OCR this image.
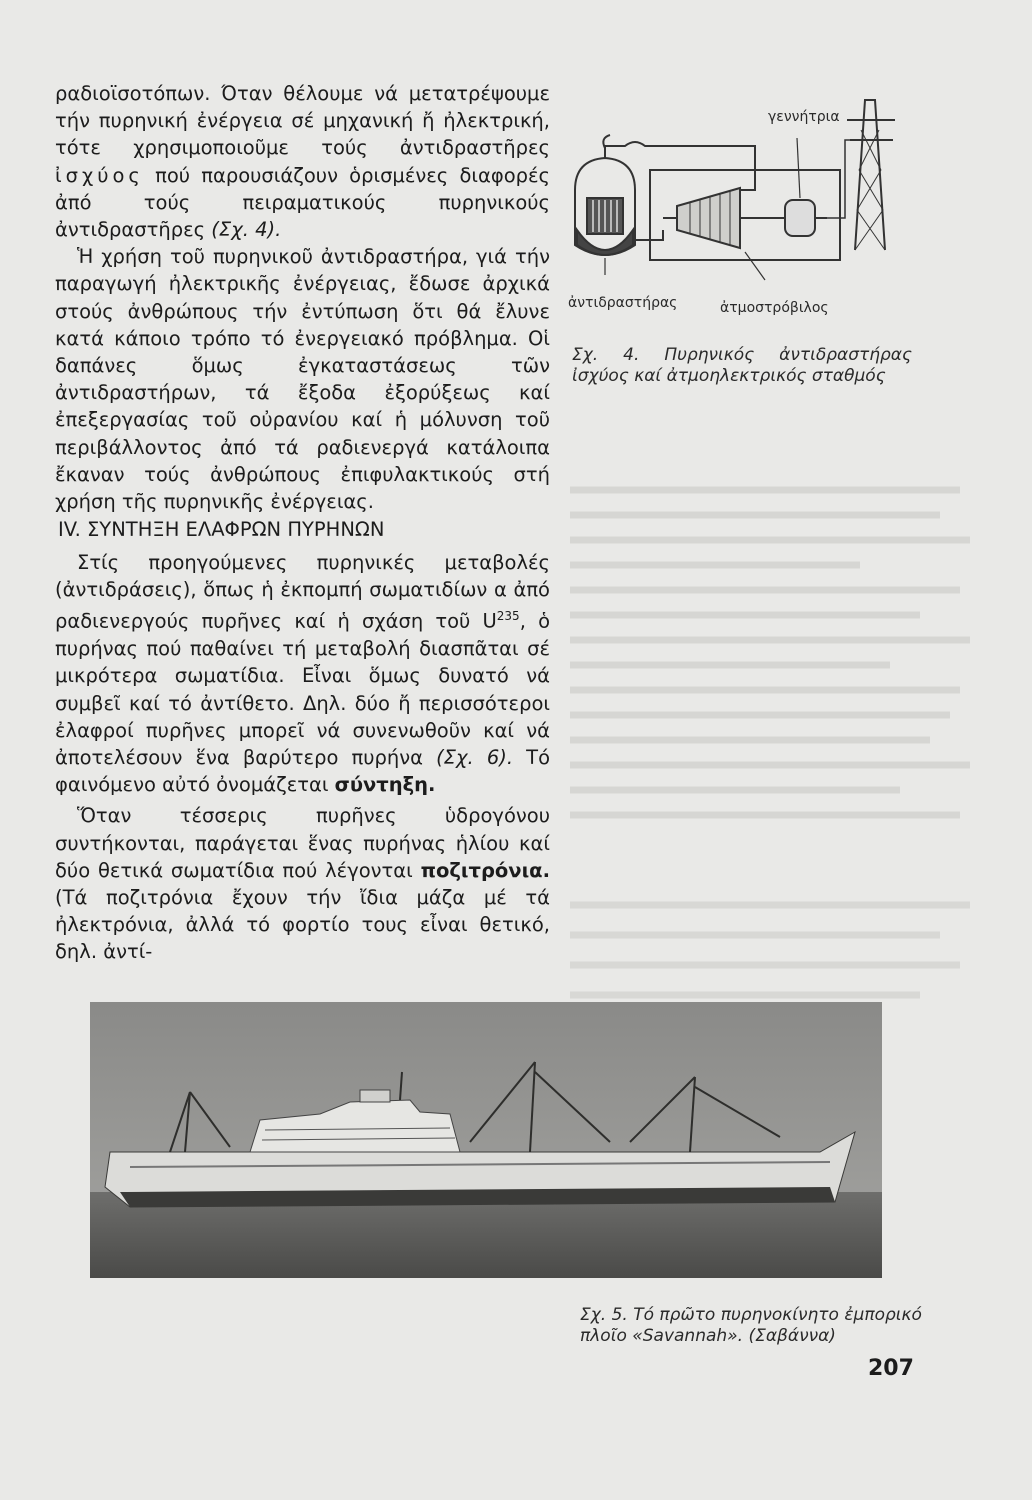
ραδιοϊσοτόπων. Όταν θέλουμε νά μετατρέψουμε τήν πυρηνική ἐνέργεια σέ μηχανική ἤ ἠλεκτρική, τότε χρησιμοποιοῦμε τούς ἀντιδραστῆρες ἰσχύος πού παρουσιάζουν ὁρισμένες διαφορές ἀπό τούς πειραματικούς πυρηνικούς ἀντιδραστῆρες (Σχ. 4).

Ἡ χρήση τοῦ πυρηνικοῦ ἀντιδραστήρα, γιά τήν παραγωγή ἠλεκτρικῆς ἐνέργειας, ἔδωσε ἀρχικά στούς ἀνθρώπους τήν ἐντύπωση ὅτι θά ἔλυνε κατά κάποιο τρόπο τό ἐνεργειακό πρόβλημα. Οἱ δαπάνες ὅμως ἐγκαταστάσεως τῶν ἀντιδραστήρων, τά ἔξοδα ἐξορύξεως καί ἐπεξεργασίας τοῦ οὐρανίου καί ἡ μόλυνση τοῦ περιβάλλοντος ἀπό τά ραδιενεργά κατάλοιπα ἔκαναν τούς ἀνθρώπους ἐπιφυλακτικούς στή χρήση τῆς πυρηνικῆς ἐνέργειας.

IV. ΣΥΝΤΗΞΗ ΕΛΑΦΡΩΝ ΠΥΡΗΝΩΝ

Στίς προηγούμενες πυρηνικές μεταβολές (ἀντιδράσεις), ὅπως ἡ ἐκπομπή σωματιδίων α ἀπό ραδιενεργούς πυρῆνες καί ἡ σχάση τοῦ $U^{235}$, ὁ πυρήνας πού παθαίνει τή μεταβολή διασπᾶται σέ μικρότερα σωματίδια. Εἶναι ὅμως δυνατό νά συμβεῖ καί τό ἀντίθετο. Δηλ. δύο ἤ περισσότεροι ἐλαφροί πυρῆνες μπορεῖ νά συνενωθοῦν καί νά ἀποτελέσουν ἕνα βαρύτερο πυρήνα (Σχ. 6). Τό φαινόμενο αὐτό ὀνομάζεται σύντηξη.

Ὅταν τέσσερις πυρῆνες ὑδρογόνου συντήκονται, παράγεται ἕνας πυρήνας ἡλίου καί δύο θετικά σωματίδια πού λέγονται ποζιτρόνια. (Τά ποζιτρόνια ἔχουν τήν ἴδια μάζα μέ τά ἠλεκτρόνια, ἀλλά τό φορτίο τους εἶναι θετικό, δηλ. ἀντί-

γεννήτρια
ἀντιδραστήρας	ἀτμοστρόβιλος
Σχ. 4. Πυρηνικός ἀντιδραστήρας ἰσχύος καί ἀτμοηλεκτρικός σταθμός
Σχ. 5. Τό πρῶτο πυρηνοκίνητο ἐμπορικό πλοῖο «Savannah». (Σαβάννα)
207
